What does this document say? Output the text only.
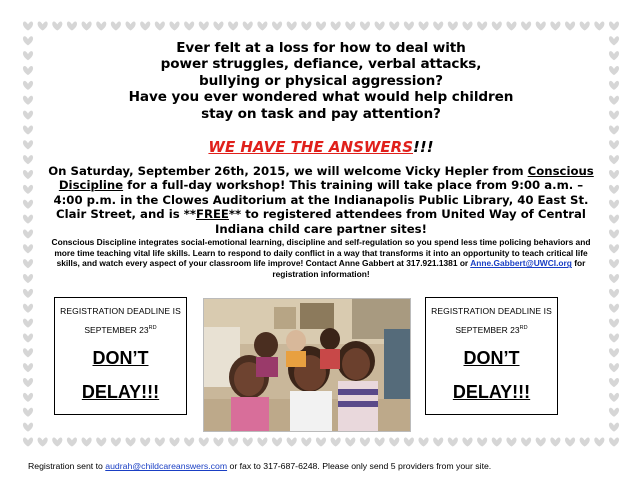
Ever felt at a loss for how to deal with
power struggles, defiance, verbal attacks,
bullying or physical aggression?
Have you ever wondered what would help children
stay on task and pay attention?
WE HAVE THE ANSWERS!!!
On Saturday, September 26th, 2015, we will welcome Vicky Hepler from Conscious Discipline for a full-day workshop! This training will take place from 9:00 a.m. – 4:00 p.m. in the Clowes Auditorium at the Indianapolis Public Library, 40 East St. Clair Street, and is **FREE** to registered attendees from United Way of Central Indiana child care partner sites!
Conscious Discipline integrates social-emotional learning, discipline and self-regulation so you spend less time policing behaviors and more time teaching vital life skills. Learn to respond to daily conflict in a way that transforms it into an opportunity to teach critical life skills, and watch every aspect of your classroom life improve! Contact Anne Gabbert at 317.921.1381 or Anne.Gabbert@UWCI.org for registration information!
REGISTRATION DEADLINE IS
SEPTEMBER 23RD
DON’T
DELAY!!!
REGISTRATION DEADLINE IS
SEPTEMBER 23RD
DON’T
DELAY!!!
Registration sent to audrah@childcareanswers.com or fax to 317-687-6248. Please only send 5 providers from your site.
